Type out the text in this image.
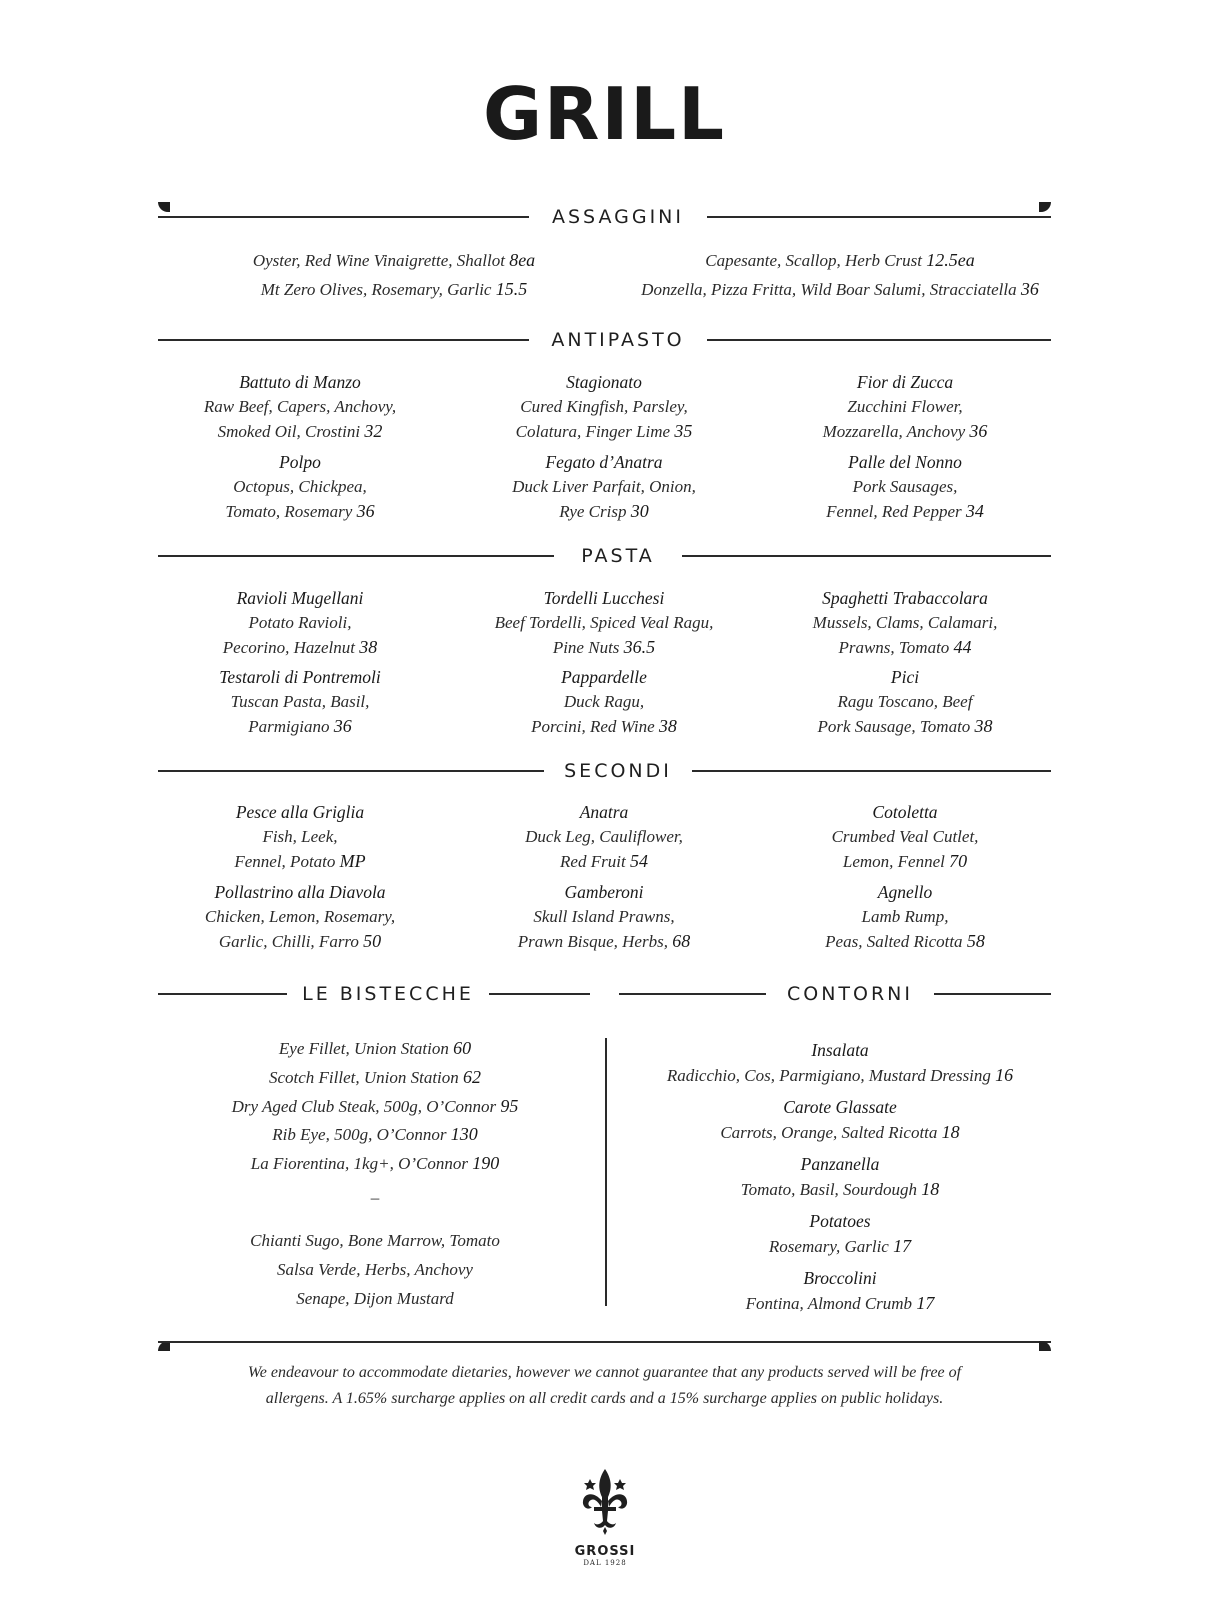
GRILL
ASSAGGINI
Oyster, Red Wine Vinaigrette, Shallot 8ea
Mt Zero Olives, Rosemary, Garlic 15.5
Capesante, Scallop, Herb Crust 12.5ea
Donzella, Pizza Fritta, Wild Boar Salumi, Stracciatella 36
ANTIPASTO
Battuto di Manzo
Raw Beef, Capers, Anchovy,
Smoked Oil, Crostini 32
Stagionato
Cured Kingfish, Parsley,
Colatura, Finger Lime 35
Fior di Zucca
Zucchini Flower,
Mozzarella, Anchovy 36
Polpo
Octopus, Chickpea,
Tomato, Rosemary 36
Fegato d’Anatra
Duck Liver Parfait, Onion,
Rye Crisp 30
Palle del Nonno
Pork Sausages,
Fennel, Red Pepper 34
PASTA
Ravioli Mugellani
Potato Ravioli,
Pecorino, Hazelnut 38
Tordelli Lucchesi
Beef Tordelli, Spiced Veal Ragu,
Pine Nuts 36.5
Spaghetti Trabaccolara
Mussels, Clams, Calamari,
Prawns, Tomato 44
Testaroli di Pontremoli
Tuscan Pasta, Basil,
Parmigiano 36
Pappardelle
Duck Ragu,
Porcini, Red Wine 38
Pici
Ragu Toscano, Beef
Pork Sausage, Tomato 38
SECONDI
Pesce alla Griglia
Fish, Leek,
Fennel, Potato MP
Anatra
Duck Leg, Cauliflower,
Red Fruit 54
Cotoletta
Crumbed Veal Cutlet,
Lemon, Fennel 70
Pollastrino alla Diavola
Chicken, Lemon, Rosemary,
Garlic, Chilli, Farro 50
Gamberoni
Skull Island Prawns,
Prawn Bisque, Herbs, 68
Agnello
Lamb Rump,
Peas, Salted Ricotta 58
LE BISTECCHE	CONTORNI
Eye Fillet, Union Station 60
Scotch Fillet, Union Station 62
Dry Aged Club Steak, 500g, O’Connor 95
Rib Eye, 500g, O’Connor 130
La Fiorentina, 1kg+, O’Connor 190
–
Chianti Sugo, Bone Marrow, Tomato
Salsa Verde, Herbs, Anchovy
Senape, Dijon Mustard
Insalata
Radicchio, Cos, Parmigiano, Mustard Dressing 16
Carote Glassate
Carrots, Orange, Salted Ricotta 18
Panzanella
Tomato, Basil, Sourdough 18
Potatoes
Rosemary, Garlic 17
Broccolini
Fontina, Almond Crumb 17
We endeavour to accommodate dietaries, however we cannot guarantee that any products served will be free of
allergens. A 1.65% surcharge applies on all credit cards and a 15% surcharge applies on public holidays.
GROSSI
DAL 1928
